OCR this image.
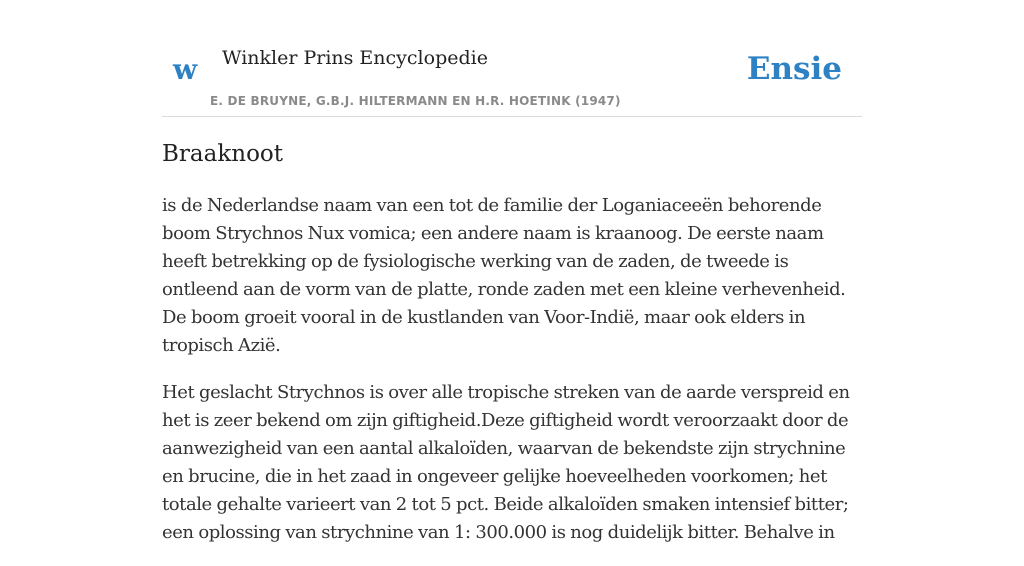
w Winkler Prins Encyclopedie
E. DE BRUYNE, G.B.J. HILTERMANN EN H.R. HOETINK (1947)
Ensie
Braaknoot

is de Nederlandse naam van een tot de familie der Loganiaceeën behorende boom Strychnos Nux vomica; een andere naam is kraanoog. De eerste naam heeft betrekking op de fysiologische werking van de zaden, de tweede is ontleend aan de vorm van de platte, ronde zaden met een kleine verhevenheid. De boom groeit vooral in de kustlanden van Voor-Indië, maar ook elders in tropisch Azië.

Het geslacht Strychnos is over alle tropische streken van de aarde verspreid en het is zeer bekend om zijn giftigheid.Deze giftigheid wordt veroorzaakt door de aanwezigheid van een aantal alkaloïden, waarvan de bekendste zijn strychnine en brucine, die in het zaad in ongeveer gelijke hoeveelheden voorkomen; het totale gehalte varieert van 2 tot 5 pct. Beide alkaloïden smaken intensief bitter; een oplossing van strychnine van 1: 300.000 is nog duidelijk bitter. Behalve in
